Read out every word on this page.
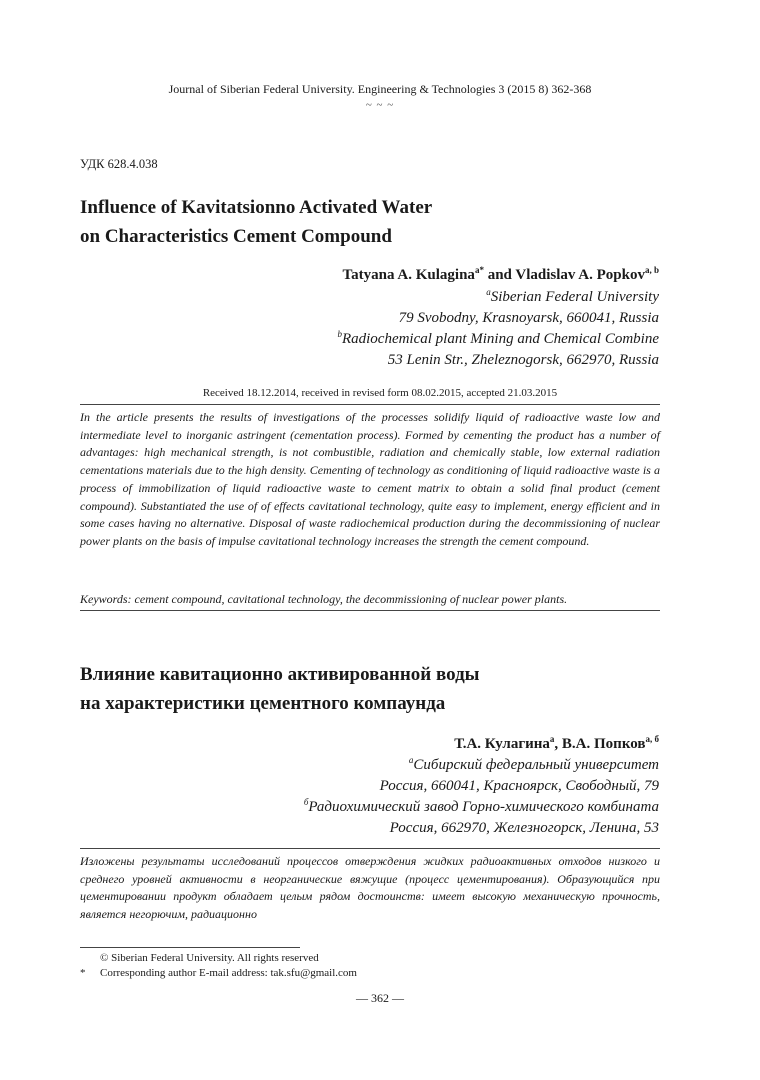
Journal of Siberian Federal University. Engineering & Technologies 3 (2015 8) 362-368
~ ~ ~
УДК 628.4.038
Influence of Kavitatsionno Activated Water
on Characteristics Cement Compound
Tatyana A. Kulagina$^{a*}$ and Vladislav A. Popkov$^{a, b}$
$^a$Siberian Federal University
79 Svobodny, Krasnoyarsk, 660041, Russia
$^b$Radiochemical plant Mining and Chemical Combine
53 Lenin Str., Zheleznogorsk, 662970, Russia
Received 18.12.2014, received in revised form 08.02.2015, accepted 21.03.2015
In the article presents the results of investigations of the processes solidify liquid of radioactive waste low and intermediate level to inorganic astringent (cementation process). Formed by cementing the product has a number of advantages: high mechanical strength, is not combustible, radiation and chemically stable, low external radiation cementations materials due to the high density. Cementing of technology as conditioning of liquid radioactive waste is a process of immobilization of liquid radioactive waste to cement matrix to obtain a solid final product (cement compound). Substantiated the use of of effects cavitational technology, quite easy to implement, energy efficient and in some cases having no alternative. Disposal of waste radiochemical production during the decommissioning of nuclear power plants on the basis of impulse cavitational technology increases the strength the cement compound.
Keywords: cement compound, cavitational technology, the decommissioning of nuclear power plants.
Влияние кавитационно активированной воды
на характеристики цементного компаунда
Т.А. Кулагина$^а$, В.А. Попков$^{а, б}$
$^а$Сибирский федеральный университет
Россия, 660041, Красноярск, Свободный, 79
$^б$Радиохимический завод Горно-химического комбината
Россия, 662970, Железногорск, Ленина, 53
Изложены результаты исследований процессов отверждения жидких радиоактивных отходов низкого и среднего уровней активности в неорганические вяжущие (процесс цементирования). Образующийся при цементировании продукт обладает целым рядом достоинств: имеет высокую механическую прочность, является негорючим, радиационно
© Siberian Federal University. All rights reserved
* Corresponding author E-mail address: tak.sfu@gmail.com
— 362 —
